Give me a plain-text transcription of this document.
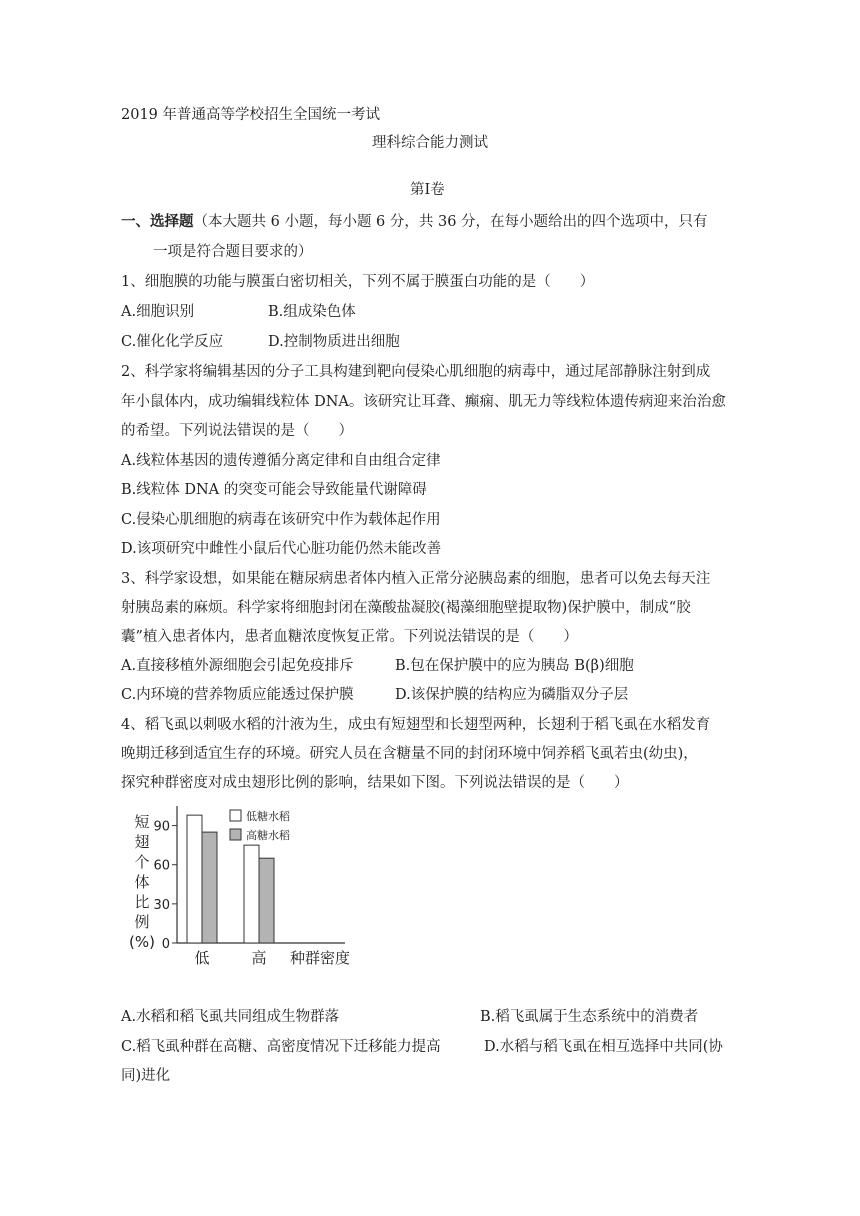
2019 年普通高等学校招生全国统一考试
理科综合能力测试
第Ⅰ卷
一、选择题（本大题共 6 小题，每小题 6 分，共 36 分，在每小题给出的四个选项中，只有
一项是符合题目要求的）
1、细胞膜的功能与膜蛋白密切相关，下列不属于膜蛋白功能的是（　　）
A.细胞识别	B.组成染色体
C.催化化学反应	D.控制物质进出细胞
2、科学家将编辑基因的分子工具构建到靶向侵染心肌细胞的病毒中，通过尾部静脉注射到成
年小鼠体内，成功编辑线粒体 DNA。该研究让耳聋、癫痫、肌无力等线粒体遗传病迎来治治愈
的希望。下列说法错误的是（　　）
A.线粒体基因的遗传遵循分离定律和自由组合定律
B.线粒体 DNA 的突变可能会导致能量代谢障碍
C.侵染心肌细胞的病毒在该研究中作为载体起作用
D.该项研究中雌性小鼠后代心脏功能仍然未能改善
3、科学家设想，如果能在糖尿病患者体内植入正常分泌胰岛素的细胞，患者可以免去每天注
射胰岛素的麻烦。科学家将细胞封闭在藻酸盐凝胶(褐藻细胞壁提取物)保护膜中，制成“胶
囊”植入患者体内，患者血糖浓度恢复正常。下列说法错误的是（　　）
A.直接移植外源细胞会引起免疫排斥	B.包在保护膜中的应为胰岛 B(β)细胞
C.内环境的营养物质应能透过保护膜	D.该保护膜的结构应为磷脂双分子层
4、稻飞虱以刺吸水稻的汁液为生，成虫有短翅型和长翅型两种，长翅利于稻飞虱在水稻发育
晚期迁移到适宜生存的环境。研究人员在含糖量不同的封闭环境中饲养稻飞虱若虫(幼虫)，
探究种群密度对成虫翅形比例的影响，结果如下图。下列说法错误的是（　　）
0
30
60
90
短
翅
个
体
比
例
(%)
低	高 种群密度
低糖水稻
高糖水稻
A.水稻和稻飞虱共同组成生物群落	B.稻飞虱属于生态系统中的消费者
C.稻飞虱种群在高糖、高密度情况下迁移能力提高	D.水稻与稻飞虱在相互选择中共同(协
同)进化
